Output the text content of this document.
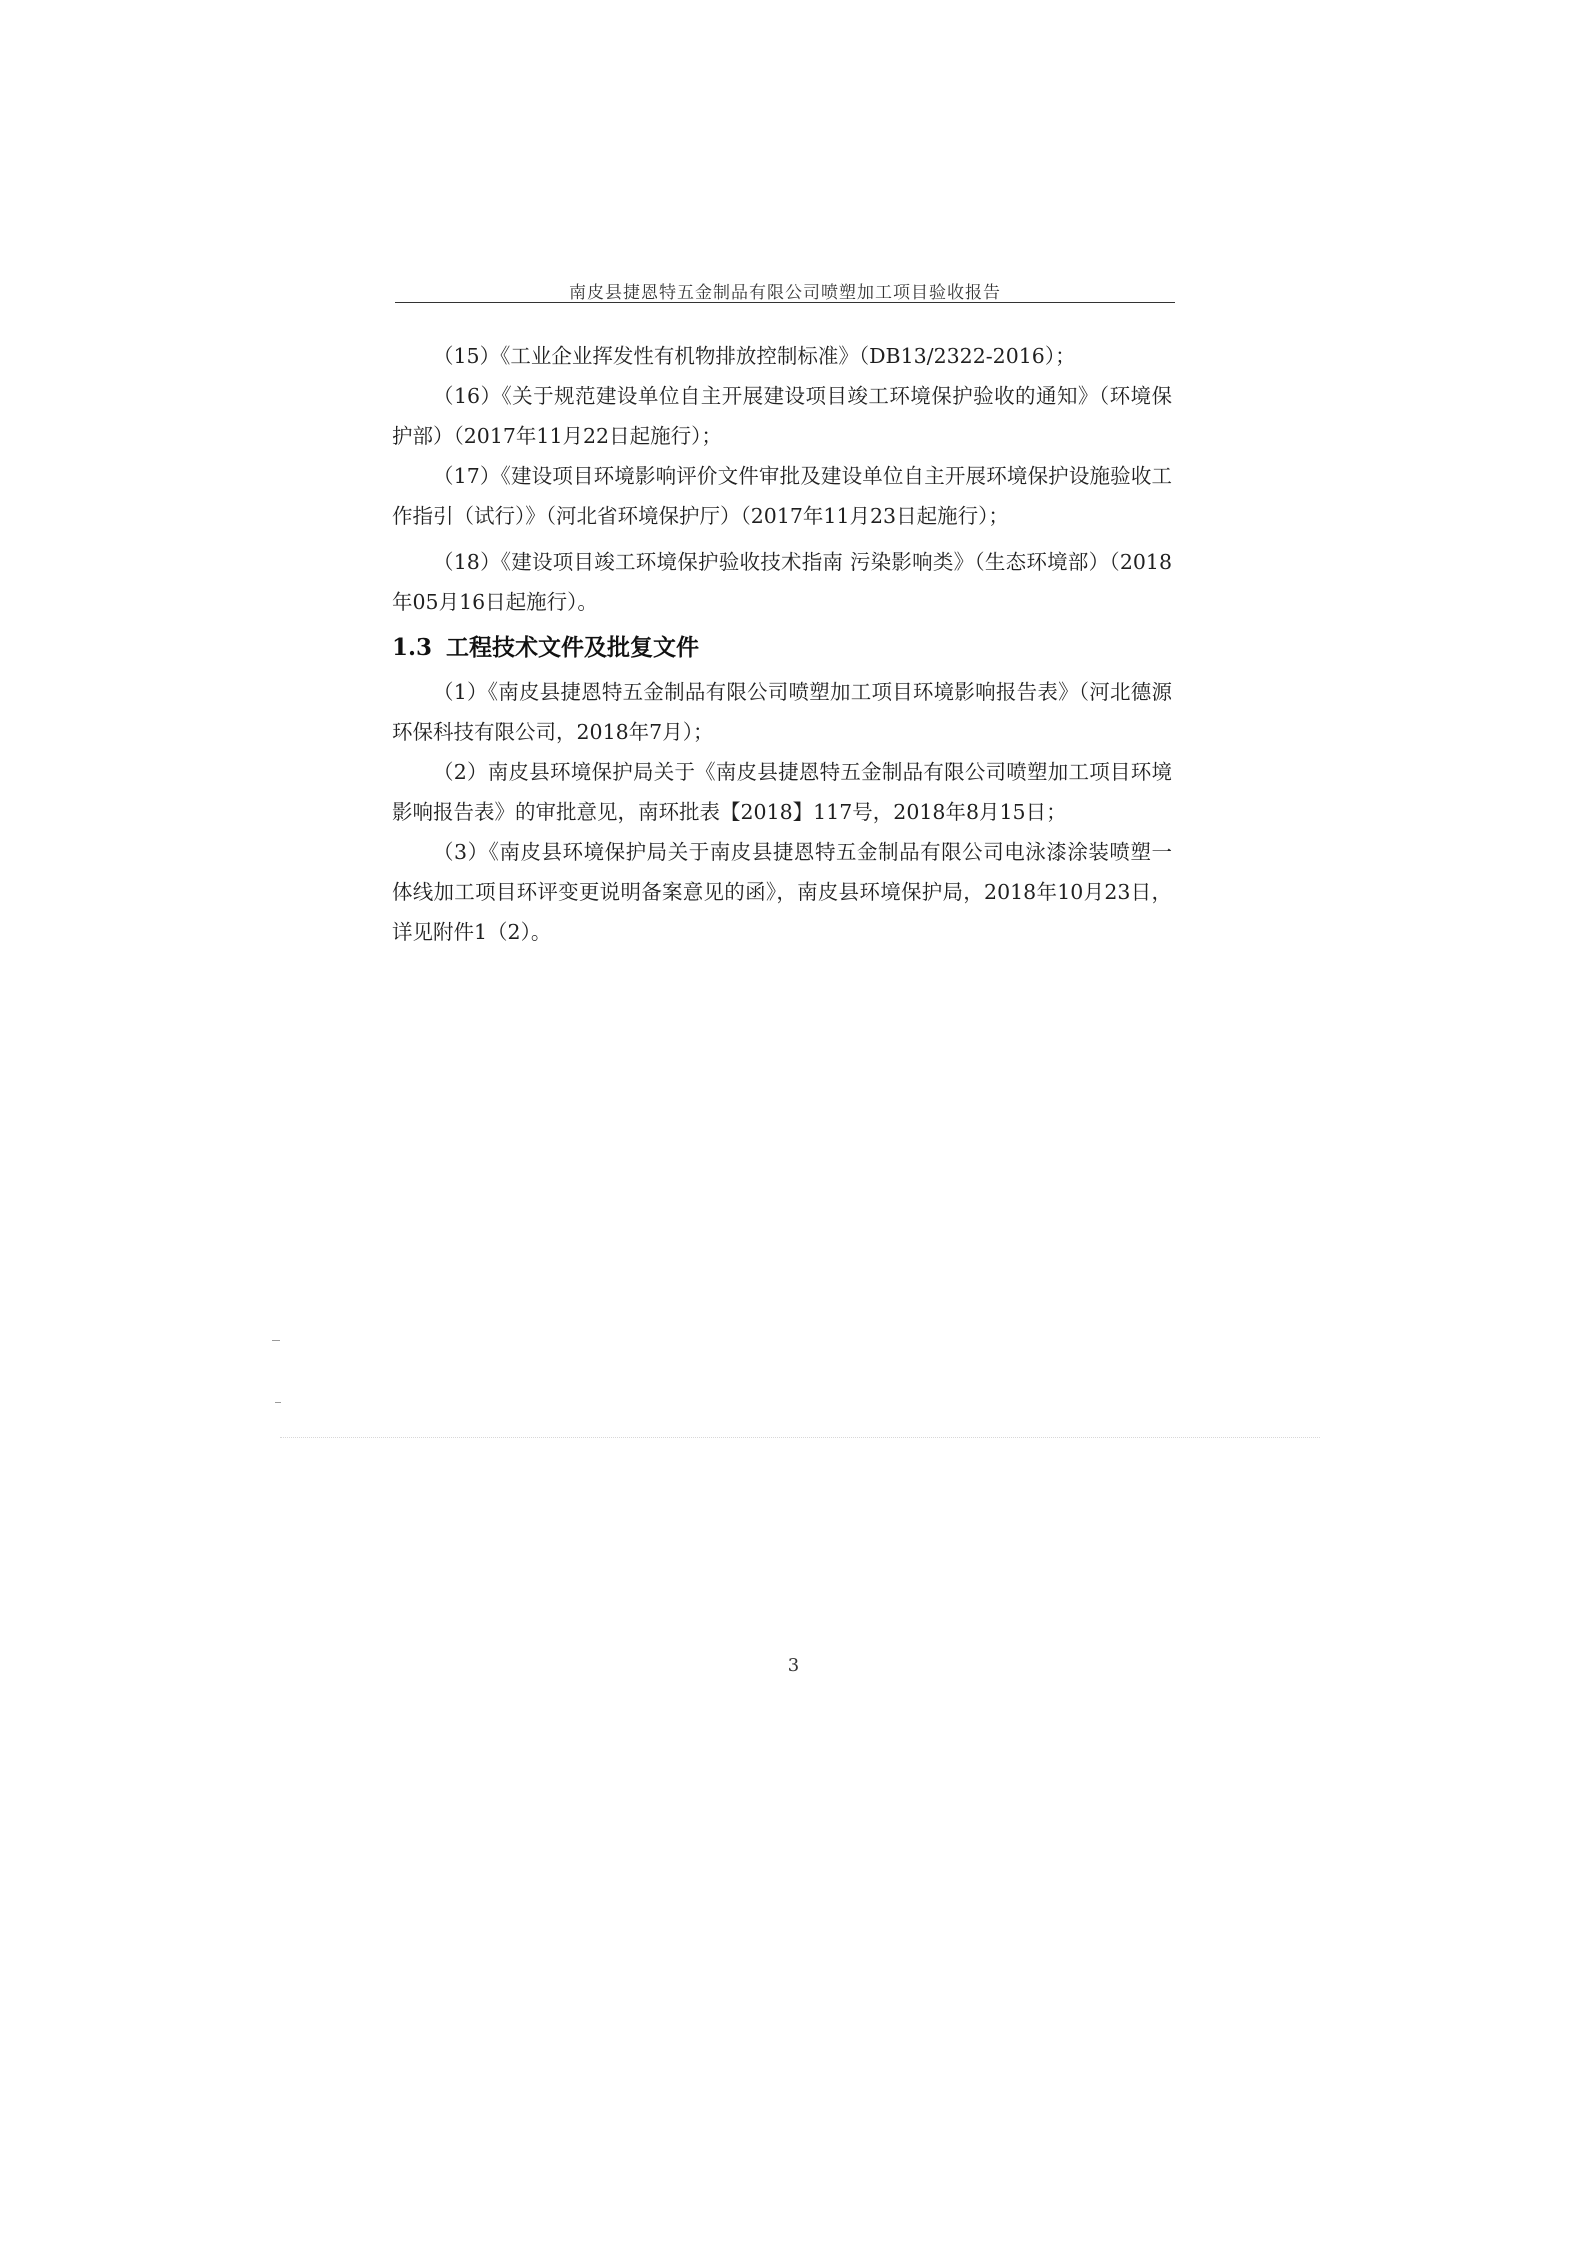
南皮县捷恩特五金制品有限公司喷塑加工项目验收报告

（15）《工业企业挥发性有机物排放控制标准》（DB13/2322-2016）；

（16）《关于规范建设单位自主开展建设项目竣工环境保护验收的通知》（环境保护部）（2017年11月22日起施行）；

（17）《建设项目环境影响评价文件审批及建设单位自主开展环境保护设施验收工作指引（试行）》（河北省环境保护厅）（2017年11月23日起施行）；

（18）《建设项目竣工环境保护验收技术指南 污染影响类》（生态环境部）（2018年05月16日起施行）。

1.3 工程技术文件及批复文件

（1）《南皮县捷恩特五金制品有限公司喷塑加工项目环境影响报告表》（河北德源环保科技有限公司，2018年7月）；

（2）南皮县环境保护局关于《南皮县捷恩特五金制品有限公司喷塑加工项目环境影响报告表》的审批意见，南环批表【2018】117号，2018年8月15日；

（3）《南皮县环境保护局关于南皮县捷恩特五金制品有限公司电泳漆涂装喷塑一体线加工项目环评变更说明备案意见的函》，南皮县环境保护局，2018年10月23日，详见附件1（2）。

3
